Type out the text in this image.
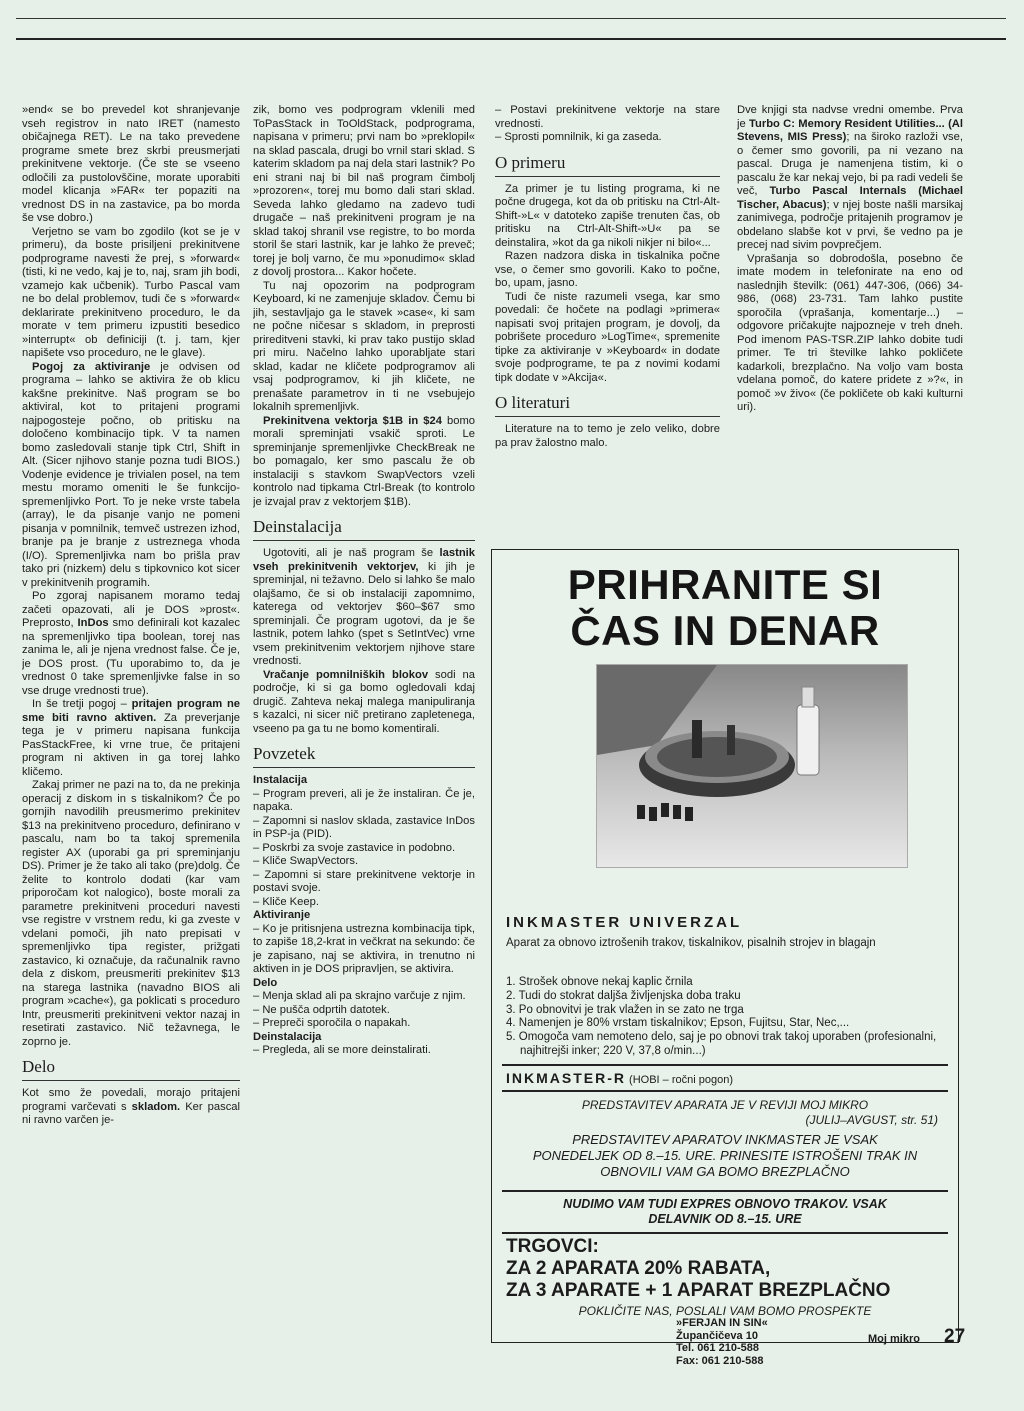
»end« se bo prevedel kot shranjevanje vseh registrov in nato IRET (namesto običajnega RET). Le na tako prevedene programe smete brez skrbi preusmerjati prekinitvene vektorje. (Če ste se vseeno odločili za pustolovščine, morate uporabiti model klicanja »FAR« ter popaziti na vrednost DS in na zastavice, pa bo morda še vse dobro.)

Verjetno se vam bo zgodilo (kot se je v primeru), da boste prisiljeni prekinitvene podprograme navesti že prej, s »forward« (tisti, ki ne vedo, kaj je to, naj, sram jih bodi, vzamejo kak učbenik). Turbo Pascal vam ne bo delal problemov, tudi če s »forward« deklarirate prekinitveno proceduro, le da morate v tem primeru izpustiti besedico »interrupt« ob definiciji (t. j. tam, kjer napišete vso proceduro, ne le glave).

Pogoj za aktiviranje je odvisen od programa – lahko se aktivira že ob klicu kakšne prekinitve. Naš program se bo aktiviral, kot to pritajeni programi najpogosteje počno, ob pritisku na določeno kombinacijo tipk. V ta namen bomo zasledovali stanje tipk Ctrl, Shift in Alt. (Sicer njihovo stanje pozna tudi BIOS.) Vodenje evidence je trivialen posel, na tem mestu moramo omeniti le še funkcijo- spremenljivko Port. To je neke vrste tabela (array), le da pisanje vanjo ne pomeni pisanja v pomnilnik, temveč ustrezen izhod, branje pa je branje z ustreznega vhoda (I/O). Spremenljivka nam bo prišla prav tako pri (nizkem) delu s tipkovnico kot sicer v prekinitvenih programih.

Po zgoraj napisanem moramo tedaj začeti opazovati, ali je DOS »prost«. Preprosto, InDos smo definirali kot kazalec na spremenljivko tipa boolean, torej nas zanima le, ali je njena vrednost false. Če je, je DOS prost. (Tu uporabimo to, da je vrednost 0 take spremenljivke false in so vse druge vrednosti true).

In še tretji pogoj – pritajen program ne sme biti ravno aktiven. Za preverjanje tega je v primeru napisana funkcija PasStackFree, ki vrne true, če pritajeni program ni aktiven in ga torej lahko kličemo.

Zakaj primer ne pazi na to, da ne prekinja operacij z diskom in s tiskalnikom? Če po gornjih navodilih preusmerimo prekinitev $13 na prekinitveno proceduro, definirano v pascalu, nam bo ta takoj spremenila register AX (uporabi ga pri spreminjanju DS). Primer je že tako ali tako (pre)dolg. Če želite to kontrolo dodati (kar vam priporočam kot nalogico), boste morali za parametre prekinitveni proceduri navesti vse registre v vrstnem redu, ki ga zveste v vdelani pomoči, jih nato prepisati v spremenljivko tipa register, prižgati zastavico, ki označuje, da računalnik ravno dela z diskom, preusmeriti prekinitev $13 na starega lastnika (navadno BIOS ali program »cache«), ga poklicati s proceduro Intr, preusmeriti prekinitveni vektor nazaj in resetirati zastavico. Nič težavnega, le zoprno je.

Delo

Kot smo že povedali, morajo pritajeni programi varčevati s skladom. Ker pascal ni ravno varčen je-

zik, bomo ves podprogram vklenili med ToPasStack in ToOldStack, podprograma, napisana v primeru; prvi nam bo »preklopil« na sklad pascala, drugi bo vrnil stari sklad. S katerim skladom pa naj dela stari lastnik? Po eni strani naj bi bil naš program čimbolj »prozoren«, torej mu bomo dali stari sklad. Seveda lahko gledamo na zadevo tudi drugače – naš prekinitveni program je na sklad takoj shranil vse registre, to bo morda storil še stari lastnik, kar je lahko že preveč; torej je bolj varno, če mu »ponudimo« sklad z dovolj prostora... Kakor hočete.

Tu naj opozorim na podprogram Keyboard, ki ne zamenjuje skladov. Čemu bi jih, sestavljajo ga le stavek »case«, ki sam ne počne ničesar s skladom, in preprosti prireditveni stavki, ki prav tako pustijo sklad pri miru. Načelno lahko uporabljate stari sklad, kadar ne kličete podprogramov ali vsaj podprogramov, ki jih kličete, ne prenašate parametrov in ti ne vsebujejo lokalnih spremenljivk.

Prekinitvena vektorja $1B in $24 bomo morali spreminjati vsakič sproti. Le spreminjanje spremenljivke CheckBreak ne bo pomagalo, ker smo pascalu že ob instalaciji s stavkom SwapVectors vzeli kontrolo nad tipkama Ctrl-Break (to kontrolo je izvajal prav z vektorjem $1B).

Deinstalacija

Ugotoviti, ali je naš program še lastnik vseh prekinitvenih vektorjev, ki jih je spreminjal, ni težavno. Delo si lahko še malo olajšamo, če si ob instalaciji zapomnimo, katerega od vektorjev $60–$67 smo spreminjali. Če program ugotovi, da je še lastnik, potem lahko (spet s SetIntVec) vrne vsem prekinitvenim vektorjem njihove stare vrednosti.

Vračanje pomnilniških blokov sodi na področje, ki si ga bomo ogledovali kdaj drugič. Zahteva nekaj malega manipuliranja s kazalci, ni sicer nič pretirano zapletenega, vseeno pa ga tu ne bomo komentirali.

Povzetek

Instalacija

– Program preveri, ali je že instaliran. Če je, napaka.

– Zapomni si naslov sklada, zastavice InDos in PSP-ja (PID).

– Poskrbi za svoje zastavice in podobno.

– Kliče SwapVectors.

– Zapomni si stare prekinitvene vektorje in postavi svoje.

– Kliče Keep.

Aktiviranje

– Ko je pritisnjena ustrezna kombinacija tipk, to zapiše 18,2-krat in večkrat na sekundo: če je zapisano, naj se aktivira, in trenutno ni aktiven in je DOS pripravljen, se aktivira.

Delo

– Menja sklad ali pa skrajno varčuje z njim.

– Ne pušča odprtih datotek.

– Prepreči sporočila o napakah.

Deinstalacija

– Pregleda, ali se more deinstalirati.

– Postavi prekinitvene vektorje na stare vrednosti.

– Sprosti pomnilnik, ki ga zaseda.

O primeru

Za primer je tu listing programa, ki ne počne drugega, kot da ob pritisku na Ctrl-Alt-Shift-»L« v datoteko zapiše trenuten čas, ob pritisku na Ctrl-Alt-Shift-»U« pa se deinstalira, »kot da ga nikoli nikjer ni bilo«...

Razen nadzora diska in tiskalnika počne vse, o čemer smo govorili. Kako to počne, bo, upam, jasno.

Tudi če niste razumeli vsega, kar smo povedali: če hočete na podlagi »primera« napisati svoj pritajen program, je dovolj, da pobrišete proceduro »LogTime«, spremenite tipke za aktiviranje v »Keyboard« in dodate svoje podprograme, te pa z novimi kodami tipk dodate v »Akcija«.

O literaturi

Literature na to temo je zelo veliko, dobre pa prav žalostno malo.

Dve knjigi sta nadvse vredni omembe. Prva je Turbo C: Memory Resident Utilities... (Al Stevens, MIS Press); na široko razloži vse, o čemer smo govorili, pa ni vezano na pascal. Druga je namenjena tistim, ki o pascalu že kar nekaj vejo, bi pa radi vedeli še več, Turbo Pascal Internals (Michael Tischer, Abacus); v njej boste našli marsikaj zanimivega, področje pritajenih programov je obdelano slabše kot v prvi, še vedno pa je precej nad sivim povprečjem.

Vprašanja so dobrodošla, posebno če imate modem in telefonirate na eno od naslednjih številk: (061) 447-306, (066) 34-986, (068) 23-731. Tam lahko pustite sporočila (vprašanja, komentarje...) – odgovore pričakujte najpozneje v treh dneh. Pod imenom PAS-TSR.ZIP lahko dobite tudi primer. Te tri številke lahko pokličete kadarkoli, brezplačno. Na voljo vam bosta vdelana pomoč, do katere pridete z »?«, in pomoč »v živo« (če pokličete ob kaki kulturni uri).

PRIHRANITE SI
ČAS IN DENAR
INKMASTER UNIVERZAL
Aparat za obnovo iztrošenih trakov, tiskalnikov, pisalnih strojev in blagajn
1. Strošek obnove nekaj kaplic črnila
2. Tudi do stokrat daljša življenjska doba traku
3. Po obnovitvi je trak vlažen in se zato ne trga
4. Namenjen je 80% vrstam tiskalnikov; Epson, Fujitsu, Star, Nec,...
5. Omogoča vam nemoteno delo, saj je po obnovi trak takoj uporaben (profesionalni, najhitrejši inker; 220 V, 37,8 o/min...)
INKMASTER-R (HOBI – ročni pogon)
PREDSTAVITEV APARATA JE V REVIJI MOJ MIKRO
(JULIJ–AVGUST, str. 51)
PREDSTAVITEV APARATOV INKMASTER JE VSAK PONEDELJEK OD 8.–15. URE. PRINESITE ISTROŠENI TRAK IN OBNOVILI VAM GA BOMO BREZPLAČNO
NUDIMO VAM TUDI EXPRES OBNOVO TRAKOV. VSAK DELAVNIK OD 8.–15. URE
TRGOVCI:
ZA 2 APARATA 20% RABATA,
ZA 3 APARATE + 1 APARAT BREZPLAČNO
POKLIČITE NAS, POSLALI VAM BOMO PROSPEKTE
»FERJAN IN SIN«
Župančičeva 10
Tel. 061 210-588
Fax: 061 210-588
Moj mikro 27
